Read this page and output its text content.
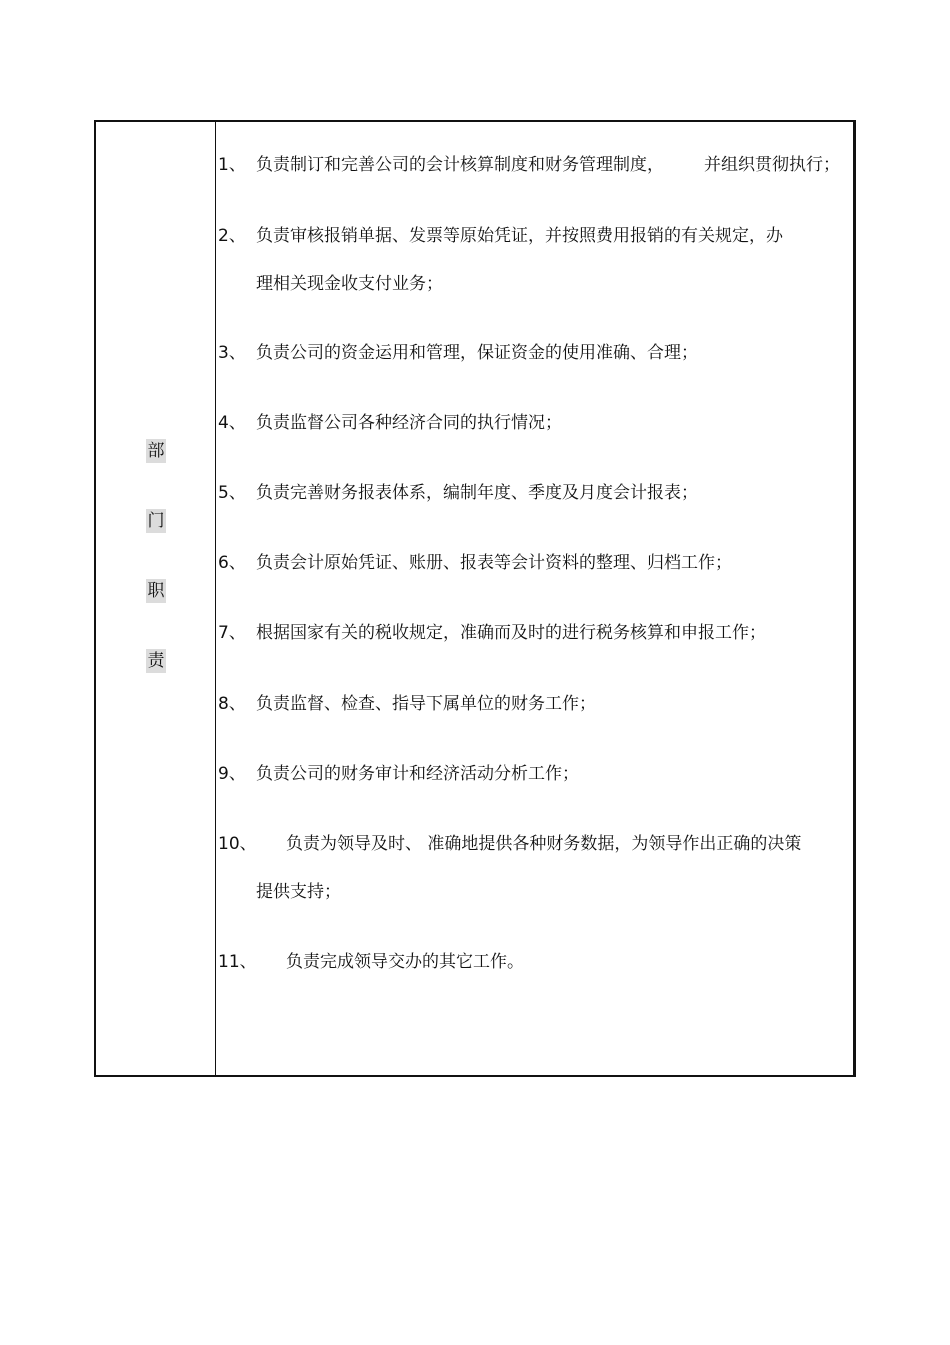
部
门
职
责
1、 负责制订和完善公司的会计核算制度和财务管理制度， 并组织贯彻执行；
2、 负责审核报销单据、发票等原始凭证，并按照费用报销的有关规定，办
理相关现金收支付业务；
3、 负责公司的资金运用和管理，保证资金的使用准确、合理；
4、 负责监督公司各种经济合同的执行情况；
5、 负责完善财务报表体系，编制年度、季度及月度会计报表；
6、 负责会计原始凭证、账册、报表等会计资料的整理、归档工作；
7、 根据国家有关的税收规定，准确而及时的进行税务核算和申报工作；
8、 负责监督、检查、指导下属单位的财务工作；
9、 负责公司的财务审计和经济活动分析工作；
10、 负责为领导及时、 准确地提供各种财务数据，为领导作出正确的决策
提供支持；
11、 负责完成领导交办的其它工作。
